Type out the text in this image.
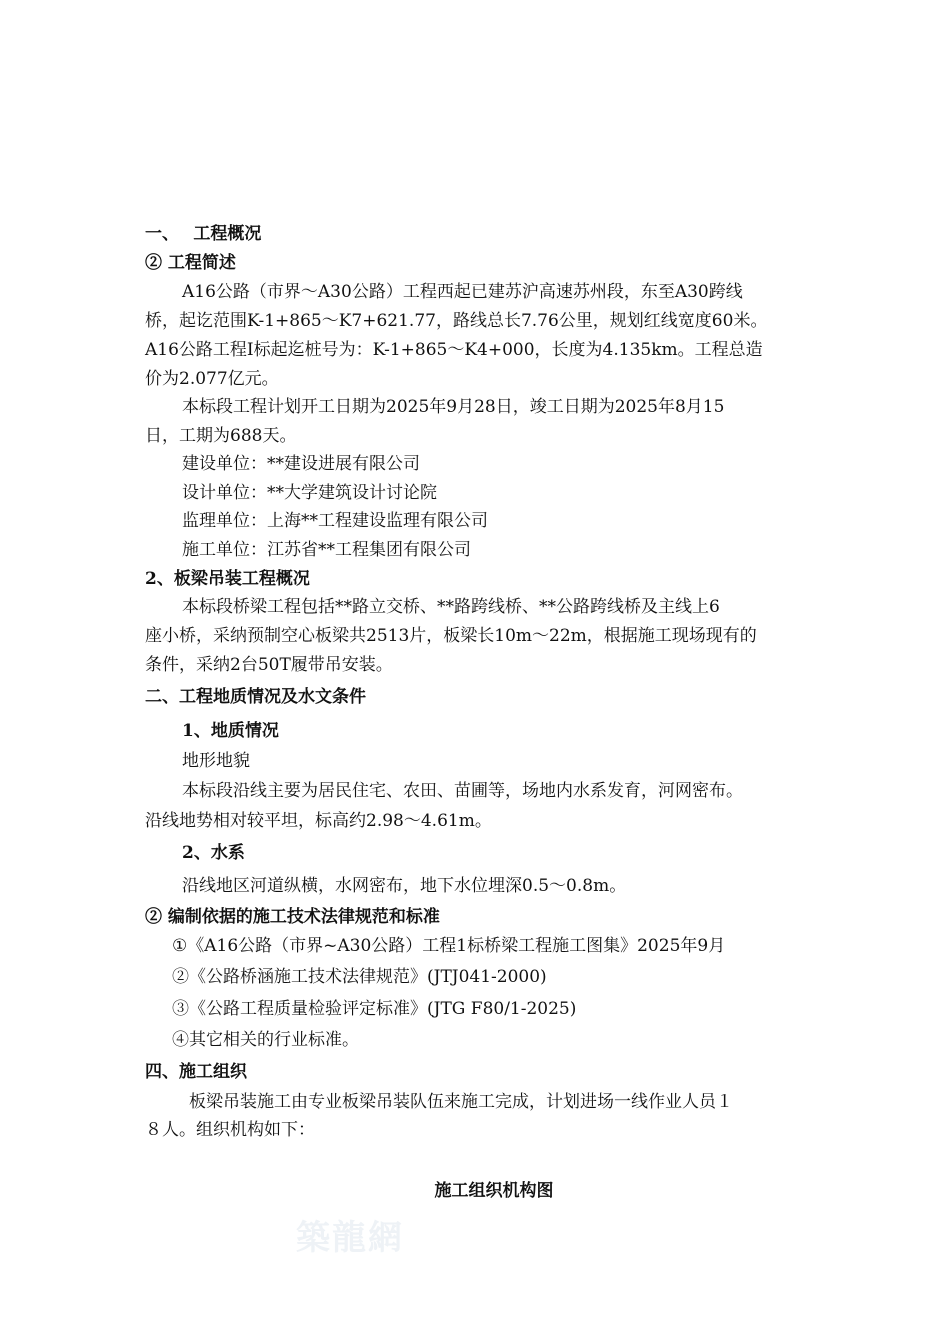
一、　 工程概况
② 工程简述
A16公路（市界～A30公路）工程西起已建苏沪高速苏州段，东至A30跨线
桥，起讫范围K-1+865～K7+621.77，路线总长7.76公里，规划红线宽度60米。
A16公路工程Ⅰ标起迄桩号为：K-1+865～K4+000，长度为4.135km。工程总造
价为2.077亿元。
本标段工程计划开工日期为2025年9月28日，竣工日期为2025年8月15
日，工期为688天。
建设单位：**建设进展有限公司
设计单位：**大学建筑设计讨论院
监理单位：上海**工程建设监理有限公司
施工单位：江苏省**工程集团有限公司
2、板梁吊装工程概况
本标段桥梁工程包括**路立交桥、**路跨线桥、**公路跨线桥及主线上6
座小桥，采纳预制空心板梁共2513片，板梁长10m～22m，根据施工现场现有的
条件，采纳2台50T履带吊安装。
二、工程地质情况及水文条件
1、地质情况
地形地貌
本标段沿线主要为居民住宅、农田、苗圃等，场地内水系发育，河网密布。
沿线地势相对较平坦，标高约2.98～4.61m。
2、水系
沿线地区河道纵横，水网密布，地下水位埋深0.5～0.8m。
② 编制依据的施工技术法律规范和标准
①《A16公路（市界~A30公路）工程1标桥梁工程施工图集》2025年9月
②《公路桥涵施工技术法律规范》(JTJ041-2000)
③《公路工程质量检验评定标准》(JTG F80/1-2025)
④其它相关的行业标准。
四、施工组织
板梁吊装施工由专业板梁吊装队伍来施工完成，计划进场一线作业人员１
８人。组织机构如下：
施工组织机构图
築龍網
